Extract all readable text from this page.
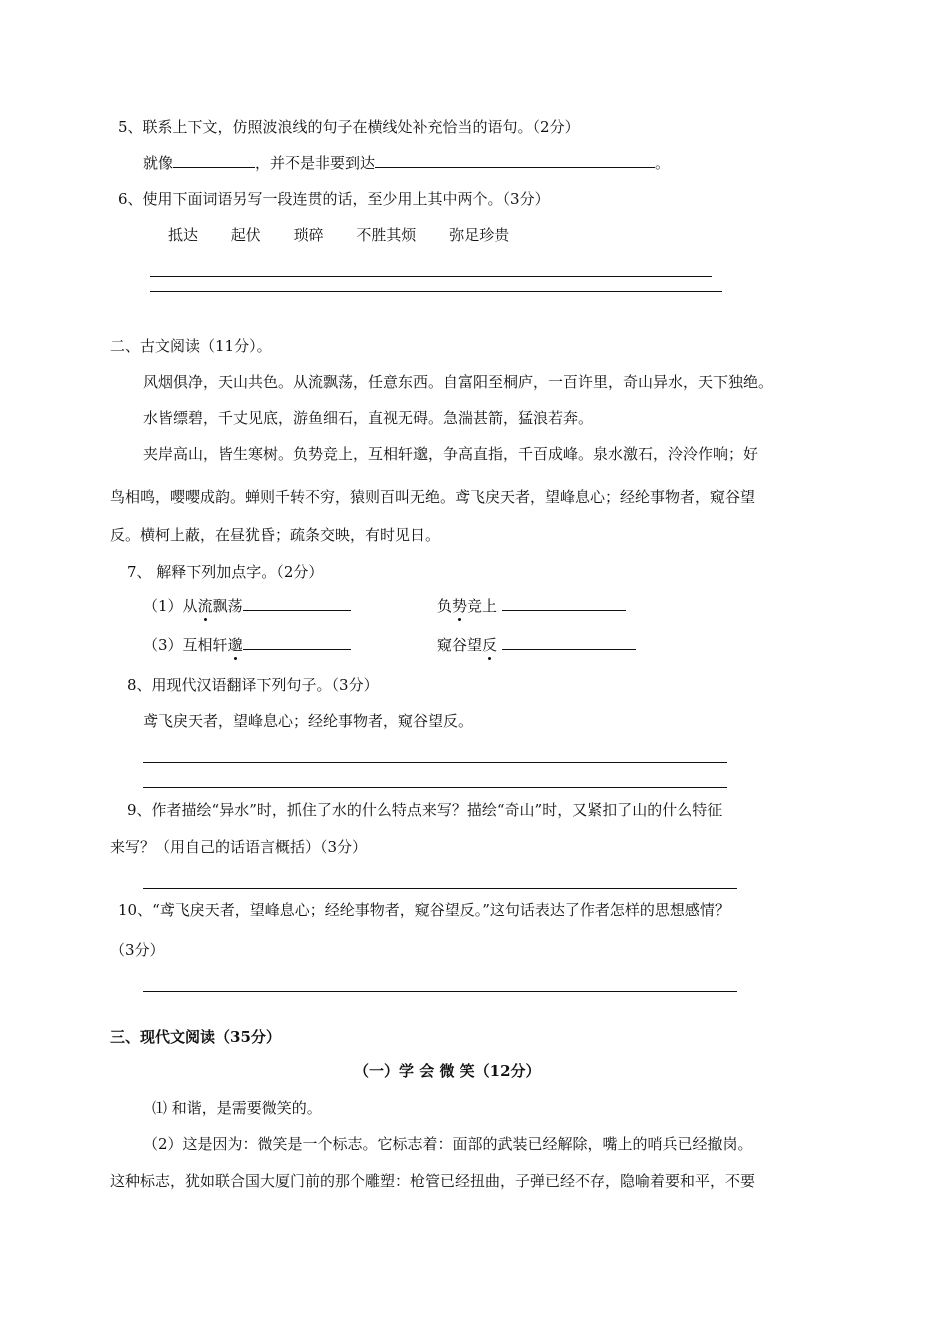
5、联系上下文，仿照波浪线的句子在横线处补充恰当的语句。（2分）
就像	，并不是非要到达	。
6、使用下面词语另写一段连贯的话，至少用上其中两个。（3分）
抵达 起伏 琐碎 不胜其烦 弥足珍贵
二、古文阅读（11分）。
风烟俱净，天山共色。从流飘荡，任意东西。自富阳至桐庐，一百许里，奇山异水，天下独绝。
水皆缥碧，千丈见底，游鱼细石，直视无碍。急湍甚箭，猛浪若奔。
夹岸高山，皆生寒树。负势竞上，互相轩邈，争高直指，千百成峰。泉水激石，泠泠作响；好
鸟相鸣，嘤嘤成韵。蝉则千转不穷，猿则百叫无绝。鸢飞戾天者，望峰息心；经纶事物者，窥谷望
反。横柯上蔽，在昼犹昏；疏条交映，有时见日。
7、 解释下列加点字。（2分）
（1）从流飘荡	负势竞上
（3）互相轩邈	窥谷望反
8、用现代汉语翻译下列句子。（3分）
鸢飞戾天者，望峰息心；经纶事物者，窥谷望反。
9、作者描绘“异水”时，抓住了水的什么特点来写？描绘“奇山”时，又紧扣了山的什么特征
来写？（用自己的话语言概括）（3分）
10、“鸢飞戾天者，望峰息心；经纶事物者，窥谷望反。”这句话表达了作者怎样的思想感情？
（3分）
三、现代文阅读（35分）
（一）学 会 微 笑（12分）
⑴ 和谐，是需要微笑的。
（2）这是因为：微笑是一个标志。它标志着：面部的武装已经解除，嘴上的哨兵已经撤岗。
这种标志，犹如联合国大厦门前的那个雕塑：枪管已经扭曲，子弹已经不存，隐喻着要和平，不要
